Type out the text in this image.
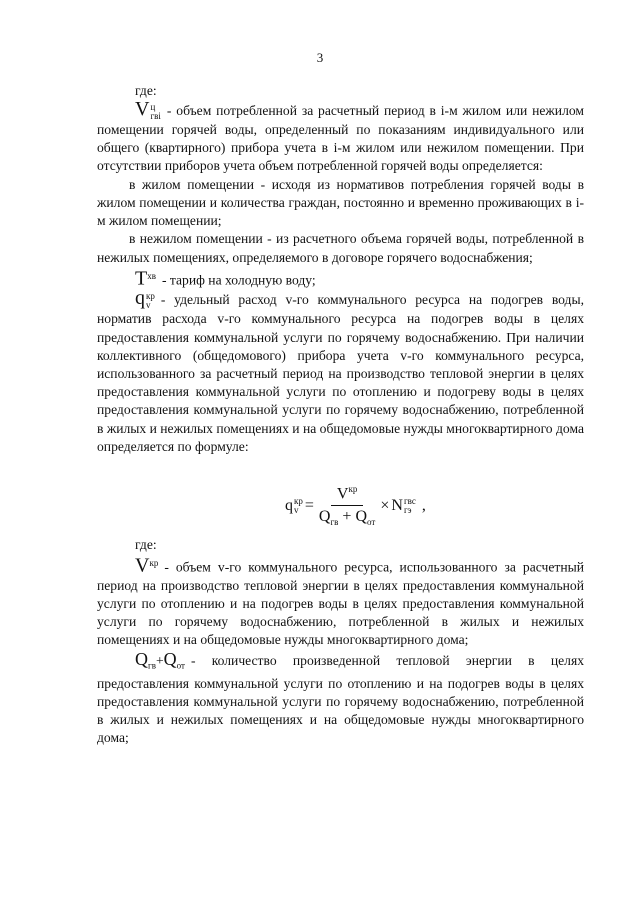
3

где:

V ц
гвi - объем потребленной за расчетный период в i-м жилом или нежилом помещении горячей воды, определенный по показаниям индивидуального или общего (квартирного) прибора учета в i-м жилом или нежилом помещении. При отсутствии приборов учета объем потребленной горячей воды определяется:

в жилом помещении - исходя из нормативов потребления горячей воды в жилом помещении и количества граждан, постоянно и временно проживающих в i-м жилом помещении;

в нежилом помещении - из расчетного объема горячей воды, потребленной в нежилых помещениях, определяемого в договоре горячего водоснабжения;

$T^{хв}$ - тариф на холодную воду;

q кр
v - удельный расход v-го коммунального ресурса на подогрев воды, норматив расхода v-го коммунального ресурса на подогрев воды в целях предоставления коммунальной услуги по горячему водоснабжению. При наличии коллективного (общедомового) прибора учета v-го коммунального ресурса, использованного за расчетный период на производство тепловой энергии в целях предоставления коммунальной услуги по отоплению и подогреву воды в целях предоставления коммунальной услуги по горячему водоснабжению, потребленной в жилых и нежилых помещениях и на общедомовые нужды многоквартирного дома определяется по формуле:

q кр
$v = \frac{V^{кр}}{Q_{гв} + Q_{от}} \times N$ гвс
гэ ,

где:

$V^{кр}$ - объем v-го коммунального ресурса, использованного за расчетный период на производство тепловой энергии в целях предоставления коммунальной услуги по отоплению и на подогрев воды в целях предоставления коммунальной услуги по горячему водоснабжению, потребленной в жилых и нежилых помещениях и на общедомовые нужды многоквартирного дома;

$Q_{гв}+Q_{от}$ - количество произведенной тепловой энергии в целях предоставления коммунальной услуги по отоплению и на подогрев воды в целях предоставления коммунальной услуги по горячему водоснабжению, потребленной в жилых и нежилых помещениях и на общедомовые нужды многоквартирного дома;
